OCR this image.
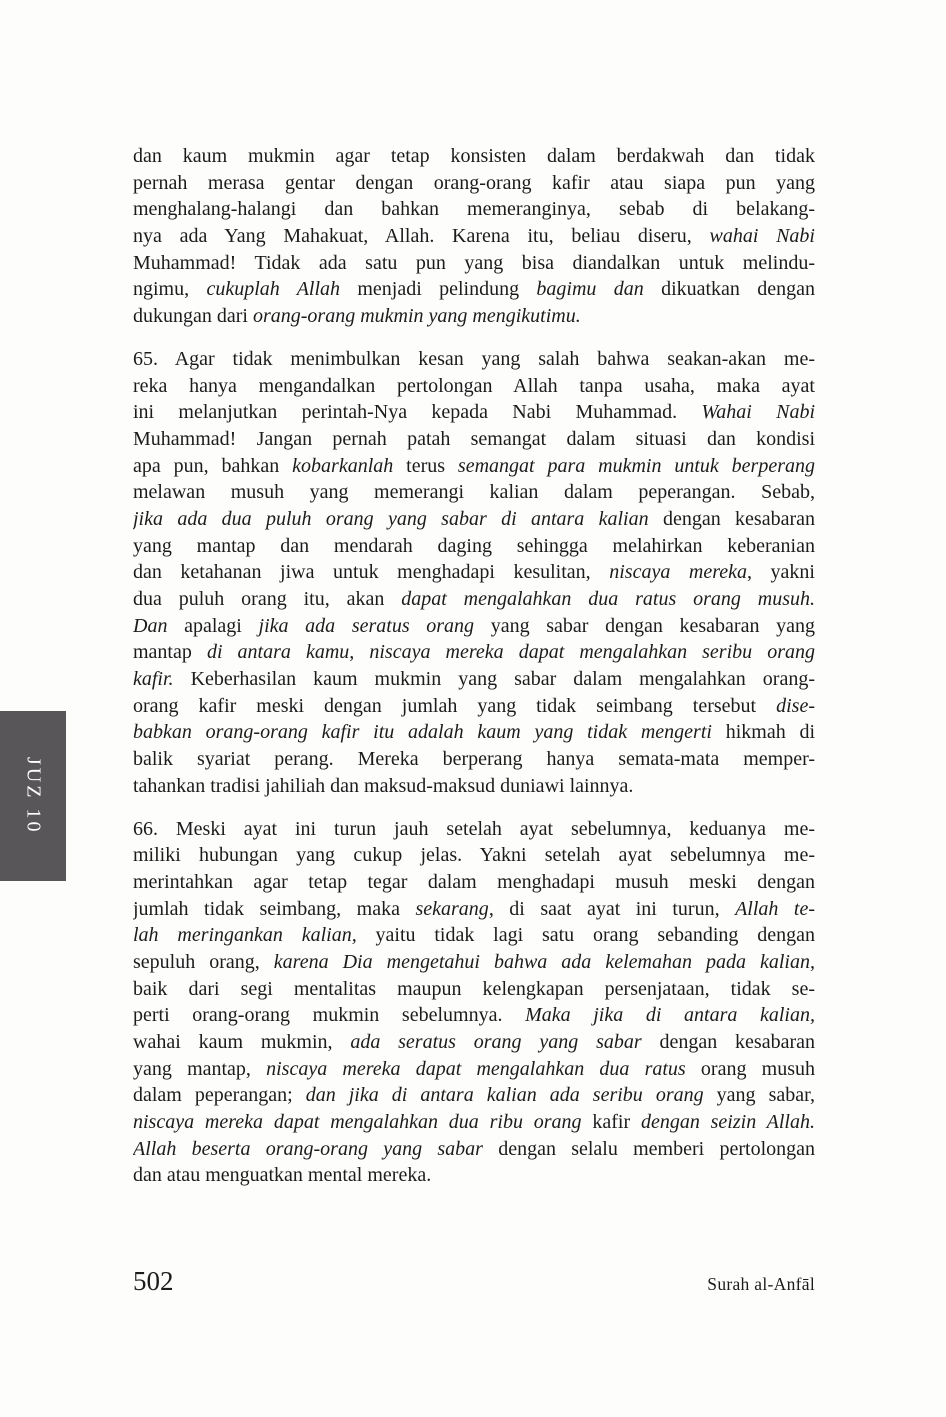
JUZ 10
dan kaum mukmin agar tetap konsisten dalam berdakwah dan tidak
pernah merasa gentar dengan orang-orang kafir atau siapa pun yang
menghalang-halangi dan bahkan memeranginya, sebab di belakang-
nya ada Yang Mahakuat, Allah. Karena itu, beliau diseru, wahai Nabi
Muhammad! Tidak ada satu pun yang bisa diandalkan untuk melindu-
ngimu, cukuplah Allah menjadi pelindung bagimu dan dikuatkan dengan
dukungan dari orang-orang mukmin yang mengikutimu.
65. Agar tidak menimbulkan kesan yang salah bahwa seakan-akan me-
reka hanya mengandalkan pertolongan Allah tanpa usaha, maka ayat
ini melanjutkan perintah-Nya kepada Nabi Muhammad. Wahai Nabi
Muhammad! Jangan pernah patah semangat dalam situasi dan kondisi
apa pun, bahkan kobarkanlah terus semangat para mukmin untuk berperang
melawan musuh yang memerangi kalian dalam peperangan. Sebab,
jika ada dua puluh orang yang sabar di antara kalian dengan kesabaran
yang mantap dan mendarah daging sehingga melahirkan keberanian
dan ketahanan jiwa untuk menghadapi kesulitan, niscaya mereka, yakni
dua puluh orang itu, akan dapat mengalahkan dua ratus orang musuh.
Dan apalagi jika ada seratus orang yang sabar dengan kesabaran yang
mantap di antara kamu, niscaya mereka dapat mengalahkan seribu orang
kafir. Keberhasilan kaum mukmin yang sabar dalam mengalahkan orang-
orang kafir meski dengan jumlah yang tidak seimbang tersebut dise-
babkan orang-orang kafir itu adalah kaum yang tidak mengerti hikmah di
balik syariat perang. Mereka berperang hanya semata-mata memper-
tahankan tradisi jahiliah dan maksud-maksud duniawi lainnya.
66. Meski ayat ini turun jauh setelah ayat sebelumnya, keduanya me-
miliki hubungan yang cukup jelas. Yakni setelah ayat sebelumnya me-
merintahkan agar tetap tegar dalam menghadapi musuh meski dengan
jumlah tidak seimbang, maka sekarang, di saat ayat ini turun, Allah te-
lah meringankan kalian, yaitu tidak lagi satu orang sebanding dengan
sepuluh orang, karena Dia mengetahui bahwa ada kelemahan pada kalian,
baik dari segi mentalitas maupun kelengkapan persenjataan, tidak se-
perti orang-orang mukmin sebelumnya. Maka jika di antara kalian,
wahai kaum mukmin, ada seratus orang yang sabar dengan kesabaran
yang mantap, niscaya mereka dapat mengalahkan dua ratus orang musuh
dalam peperangan; dan jika di antara kalian ada seribu orang yang sabar,
niscaya mereka dapat mengalahkan dua ribu orang kafir dengan seizin Allah.
Allah beserta orang-orang yang sabar dengan selalu memberi pertolongan
dan atau menguatkan mental mereka.
502	Surah al-Anfāl
